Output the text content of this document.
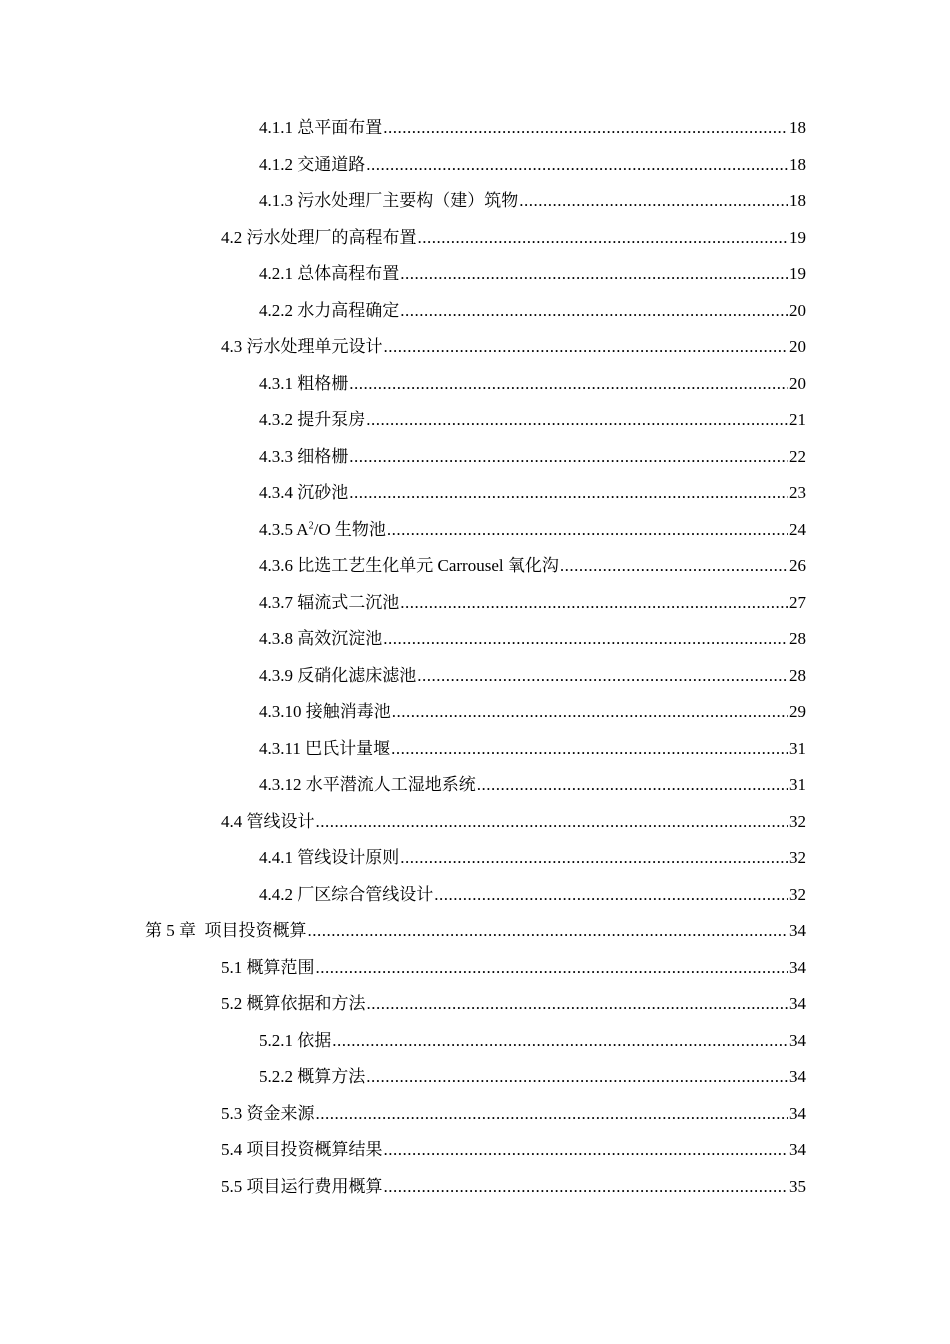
4.1.1 总平面布置 .....	18
4.1.2 交通道路 .....	18
4.1.3 污水处理厂主要构（建）筑物 .....	18
4.2 污水处理厂的高程布置 .....	19
4.2.1 总体高程布置 .....	19
4.2.2 水力高程确定 .....	20
4.3 污水处理单元设计 .....	20
4.3.1 粗格栅 .....	20
4.3.2 提升泵房 .....	21
4.3.3 细格栅 .....	22
4.3.4 沉砂池 .....	23
4.3.5 $A^2/O$ 生物池 .....	24
4.3.6 比选工艺生化单元 Carrousel 氧化沟 .....	26
4.3.7 辐流式二沉池 .....	27
4.3.8 高效沉淀池 .....	28
4.3.9 反硝化滤床滤池 .....	28
4.3.10 接触消毒池 .....	29
4.3.11 巴氏计量堰 .....	31
4.3.12 水平潜流人工湿地系统 .....	31
4.4 管线设计 .....	32
4.4.1 管线设计原则 .....	32
4.4.2 厂区综合管线设计 .....	32
第 5 章  项目投资概算 .....	34
5.1 概算范围 .....	34
5.2 概算依据和方法 .....	34
5.2.1 依据 .....	34
5.2.2 概算方法 .....	34
5.3 资金来源 .....	34
5.4 项目投资概算结果 .....	34
5.5 项目运行费用概算 .....	35
